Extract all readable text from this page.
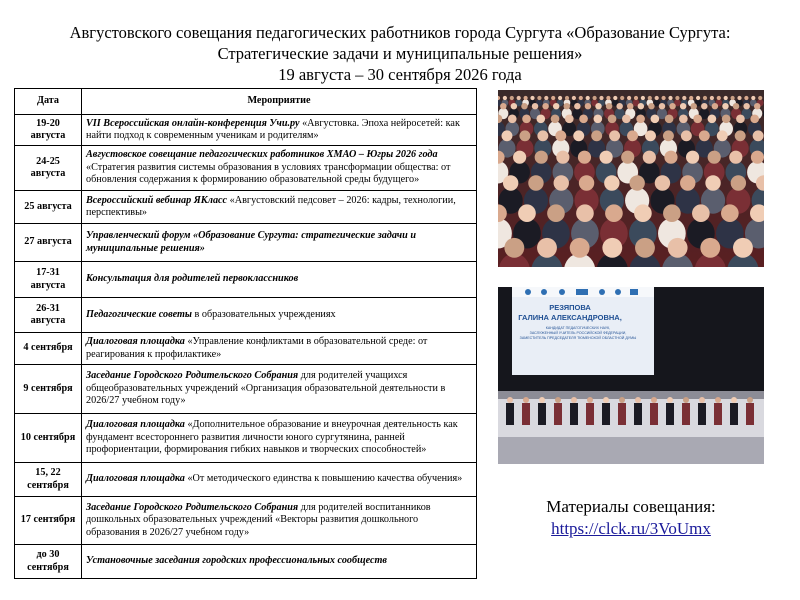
Августовского совещания педагогических работников города Сургута «Образование Сургута:
Стратегические задачи и муниципальные решения»
19 августа – 30 сентября 2026 года
Дата	Мероприятие
19-20 августа	VII Всероссийская онлайн-конференция Учи.ру «Августовка. Эпоха нейросетей: как найти подход к современным ученикам и родителям»
24-25 августа	Августовское совещание педагогических работников ХМАО – Югры 2026 года «Стратегия развития системы образования в условиях трансформации общества: от обновления содержания к формированию образовательной среды будущего»
25 августа	Всероссийский вебинар ЯКласс «Августовский педсовет – 2026: кадры, технологии, перспективы»
27 августа	Управленческий форум «Образование Сургута: стратегические задачи и муниципальные решения»
17-31 августа	Консультация для родителей первоклассников
26-31 августа	Педагогические советы в образовательных учреждениях
4 сентября	Диалоговая площадка «Управление конфликтами в образовательной среде: от реагирования к профилактике»
9 сентября	Заседание Городского Родительского Собрания для родителей учащихся общеобразовательных учреждений «Организация образовательной деятельности в 2026/27 учебном году»
10 сентября	Диалоговая площадка «Дополнительное образование и внеурочная деятельность как фундамент всестороннего развития личности юного сургутянина, ранней профориентации, формирования гибких навыков и творческих способностей»
15, 22 сентября	Диалоговая площадка «От методического единства к повышению качества обучения»
17 сентября	Заседание Городского Родительского Собрания для родителей воспитанников дошкольных образовательных учреждений «Векторы развития дошкольного образования в 2026/27 учебном году»
до 30 сентября	Установочные заседания городских профессиональных сообществ
РЕЗЯПОВА
ГАЛИНА АЛЕКСАНДРОВНА,
КАНДИДАТ ПЕДАГОГИЧЕСКИХ НАУК,
ЗАСЛУЖЕННЫЙ УЧИТЕЛЬ РОССИЙСКОЙ ФЕДЕРАЦИИ,
ЗАМЕСТИТЕЛЬ ПРЕДСЕДАТЕЛЯ ТЮМЕНСКОЙ ОБЛАСТНОЙ ДУМЫ
Материалы совещания:
https://clck.ru/3VoUmx
